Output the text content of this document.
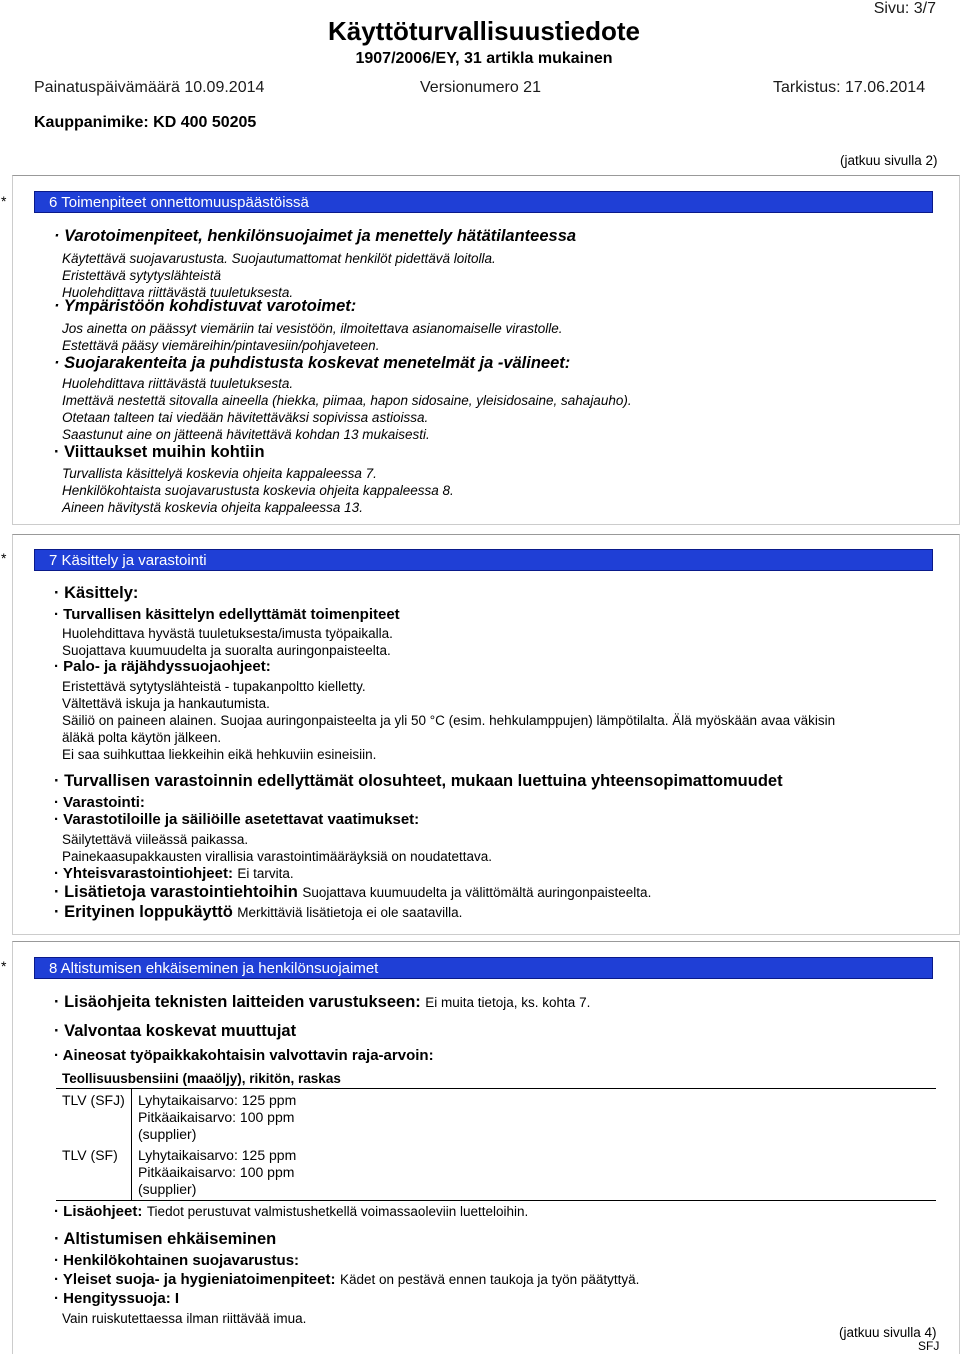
Sivu: 3/7
Käyttöturvallisuustiedote
1907/2006/EY, 31 artikla mukainen
Painatuspäivämäärä 10.09.2014	Versionumero 21	Tarkistus: 17.06.2014
Kauppanimike: KD 400 50205
(jatkuu sivulla 2)
*	6 Toimenpiteet onnettomuuspäästöissä
· Varotoimenpiteet, henkilönsuojaimet ja menettely hätätilanteessa
Käytettävä suojavarustusta. Suojautumattomat henkilöt pidettävä loitolla.
Eristettävä sytytyslähteistä
Huolehdittava riittävästä tuuletuksesta.
· Ympäristöön kohdistuvat varotoimet:
Jos ainetta on päässyt viemäriin tai vesistöön, ilmoitettava asianomaiselle virastolle.
Estettävä pääsy viemäreihin/pintavesiin/pohjaveteen.
· Suojarakenteita ja puhdistusta koskevat menetelmät ja -välineet:
Huolehdittava riittävästä tuuletuksesta.
Imettävä nestettä sitovalla aineella (hiekka, piimaa, hapon sidosaine, yleisidosaine, sahajauho).
Otetaan talteen tai viedään hävitettäväksi sopivissa astioissa.
Saastunut aine on jätteenä hävitettävä kohdan 13 mukaisesti.
· Viittaukset muihin kohtiin
Turvallista käsittelyä koskevia ohjeita kappaleessa 7.
Henkilökohtaista suojavarustusta koskevia ohjeita kappaleessa 8.
Aineen hävitystä koskevia ohjeita kappaleessa 13.
*	7 Käsittely ja varastointi
· Käsittely:
· Turvallisen käsittelyn edellyttämät toimenpiteet
Huolehdittava hyvästä tuuletuksesta/imusta työpaikalla.
Suojattava kuumuudelta ja suoralta auringonpaisteelta.
· Palo- ja räjähdyssuojaohjeet:
Eristettävä sytytyslähteistä - tupakanpoltto kielletty.
Vältettävä iskuja ja hankautumista.
Säiliö on paineen alainen. Suojaa auringonpaisteelta ja yli 50 °C (esim. hehkulamppujen) lämpötilalta. Älä myöskään avaa väkisin
äläkä polta käytön jälkeen.
Ei saa suihkuttaa liekkeihin eikä hehkuviin esineisiin.
· Turvallisen varastoinnin edellyttämät olosuhteet, mukaan luettuina yhteensopimattomuudet
· Varastointi:
· Varastotiloille ja säiliöille asetettavat vaatimukset:
Säilytettävä viileässä paikassa.
Painekaasupakkausten virallisia varastointimääräyksiä on noudatettava.
· Yhteisvarastointiohjeet: Ei tarvita.
· Lisätietoja varastointiehtoihin Suojattava kuumuudelta ja välittömältä auringonpaisteelta.
· Erityinen loppukäyttö Merkittäviä lisätietoja ei ole saatavilla.
*	8 Altistumisen ehkäiseminen ja henkilönsuojaimet
· Lisäohjeita teknisten laitteiden varustukseen: Ei muita tietoja, ks. kohta 7.
· Valvontaa koskevat muuttujat
· Aineosat työpaikkakohtaisin valvottavin raja-arvoin:
Teollisuusbensiini (maaöljy), rikitön, raskas
TLV (SFJ) Lyhytaikaisarvo: 125 ppm
Pitkäaikaisarvo: 100 ppm
(supplier)
TLV (SF) Lyhytaikaisarvo: 125 ppm
Pitkäaikaisarvo: 100 ppm
(supplier)
· Lisäohjeet: Tiedot perustuvat valmistushetkellä voimassaoleviin luetteloihin.
· Altistumisen ehkäiseminen
· Henkilökohtainen suojavarustus:
· Yleiset suoja- ja hygieniatoimenpiteet: Kädet on pestävä ennen taukoja ja työn päätyttyä.
· Hengityssuoja: I
Vain ruiskutettaessa ilman riittävää imua.
(jatkuu sivulla 4)
SFJ
